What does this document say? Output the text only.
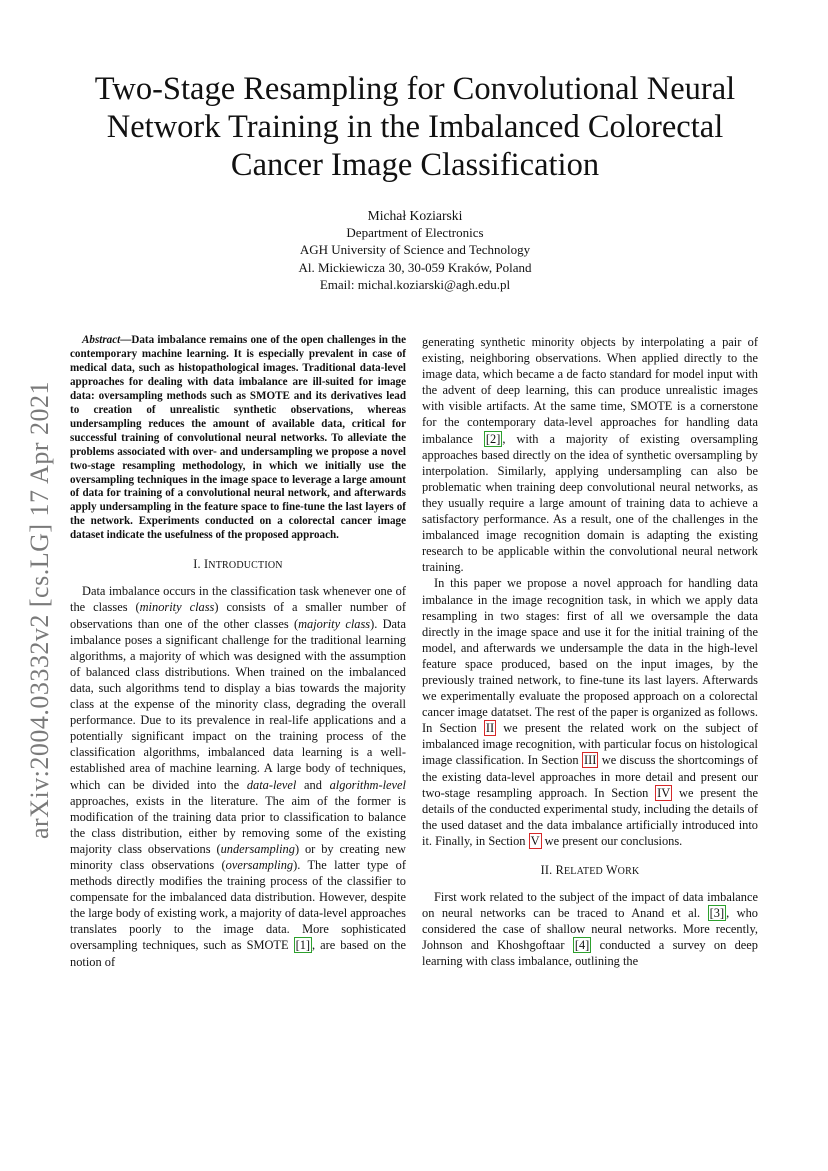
arXiv:2004.03332v2 [cs.LG] 17 Apr 2021
Two-Stage Resampling for Convolutional Neural Network Training in the Imbalanced Colorectal Cancer Image Classification
Michał Koziarski
Department of Electronics
AGH University of Science and Technology
Al. Mickiewicza 30, 30-059 Kraków, Poland
Email: michal.koziarski@agh.edu.pl

Abstract—Data imbalance remains one of the open challenges in the contemporary machine learning. It is especially prevalent in case of medical data, such as histopathological images. Traditional data-level approaches for dealing with data imbalance are ill-suited for image data: oversampling methods such as SMOTE and its derivatives lead to creation of unrealistic synthetic observations, whereas undersampling reduces the amount of available data, critical for successful training of convolutional neural networks. To alleviate the problems associated with over- and undersampling we propose a novel two-stage resampling methodology, in which we initially use the oversampling techniques in the image space to leverage a large amount of data for training of a convolutional neural network, and afterwards apply undersampling in the feature space to fine-tune the last layers of the network. Experiments conducted on a colorectal cancer image dataset indicate the usefulness of the proposed approach.

I. INTRODUCTION

Data imbalance occurs in the classification task whenever one of the classes (minority class) consists of a smaller number of observations than one of the other classes (majority class). Data imbalance poses a significant challenge for the traditional learning algorithms, a majority of which was designed with the assumption of balanced class distributions. When trained on the imbalanced data, such algorithms tend to display a bias towards the majority class at the expense of the minority class, degrading the overall performance. Due to its prevalence in real-life applications and a potentially significant impact on the training process of the classification algorithms, imbalanced data learning is a well-established area of machine learning. A large body of techniques, which can be divided into the data-level and algorithm-level approaches, exists in the literature. The aim of the former is modification of the training data prior to classification to balance the class distribution, either by removing some of the existing majority class observations (undersampling) or by creating new minority class observations (oversampling). The latter type of methods directly modifies the training process of the classifier to compensate for the imbalanced data distribution. However, despite the large body of existing work, a majority of data-level approaches translates poorly to the image data. More sophisticated oversampling techniques, such as SMOTE [1] , are based on the notion of

generating synthetic minority objects by interpolating a pair of existing, neighboring observations. When applied directly to the image data, which became a de facto standard for model input with the advent of deep learning, this can produce unrealistic images with visible artifacts. At the same time, SMOTE is a cornerstone for the contemporary data-level approaches for handling data imbalance [2] , with a majority of existing oversampling approaches based directly on the idea of synthetic oversampling by interpolation. Similarly, applying undersampling can also be problematic when training deep convolutional neural networks, as they usually require a large amount of training data to achieve a satisfactory performance. As a result, one of the challenges in the imbalanced image recognition domain is adapting the existing research to be applicable within the convolutional neural network training.

In this paper we propose a novel approach for handling data imbalance in the image recognition task, in which we apply data resampling in two stages: first of all we oversample the data directly in the image space and use it for the initial training of the model, and afterwards we undersample the data in the high-level feature space produced, based on the input images, by the previously trained network, to fine-tune its last layers. Afterwards we experimentally evaluate the proposed approach on a colorectal cancer image datatset. The rest of the paper is organized as follows. In Section II we present the related work on the subject of imbalanced image recognition, with particular focus on histological image classification. In Section III we discuss the shortcomings of the existing data-level approaches in more detail and present our two-stage resampling approach. In Section IV we present the details of the conducted experimental study, including the details of the used dataset and the data imbalance artificially introduced into it. Finally, in Section V we present our conclusions.

II. RELATED WORK

First work related to the subject of the impact of data imbalance on neural networks can be traced to Anand et al. [3] , who considered the case of shallow neural networks. More recently, Johnson and Khoshgoftaar [4] conducted a survey on deep learning with class imbalance, outlining the
